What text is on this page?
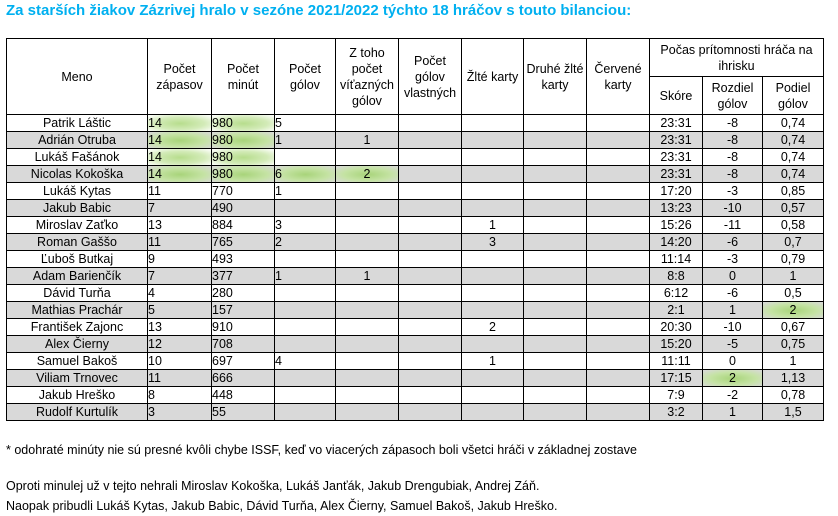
Za starších žiakov Zázrivej hralo v sezóne 2021/2022 týchto 18 hráčov s touto bilanciou:
Meno	Počet zápasov	Počet minút	Počet gólov	Z toho počet víťazných gólov	Počet gólov vlastných	Žlté karty	Druhé žlté karty	Červené karty	Počas prítomnosti hráča na ihrisku		
									Skóre	Rozdiel gólov	Podiel gólov
Patrik Láštic	14	980	5						23:31	-8	0,74
Adrián Otruba	14	980	1	1					23:31	-8	0,74
Lukáš Fašánok	14	980							23:31	-8	0,74
Nicolas Kokoška	14	980	6	2					23:31	-8	0,74
Lukáš Kytas	11	770	1						17:20	-3	0,85
Jakub Babic	7	490							13:23	-10	0,57
Miroslav Zaťko	13	884	3			1			15:26	-11	0,58
Roman Gaššo	11	765	2			3			14:20	-6	0,7
Ľuboš Butkaj	9	493							11:14	-3	0,79
Adam Barienčík	7	377	1	1					8:8	0	1
Dávid Turňa	4	280							6:12	-6	0,5
Mathias Prachár	5	157							2:1	1	2
František Zajonc	13	910				2			20:30	-10	0,67
Alex Čierny	12	708							15:20	-5	0,75
Samuel Bakoš	10	697	4			1			11:11	0	1
Viliam Trnovec	11	666							17:15	2	1,13
Jakub Hreško	8	448							7:9	-2	0,78
Rudolf Kurtulík	3	55							3:2	1	1,5
* odohraté minúty nie sú presné kvôli chybe ISSF, keď vo viacerých zápasoch boli všetci hráči v základnej zostave
Oproti minulej už v tejto nehrali Miroslav Kokoška, Lukáš Janťák, Jakub Drengubiak, Andrej Záň.
Naopak pribudli Lukáš Kytas, Jakub Babic, Dávid Turňa, Alex Čierny, Samuel Bakoš, Jakub Hreško.
